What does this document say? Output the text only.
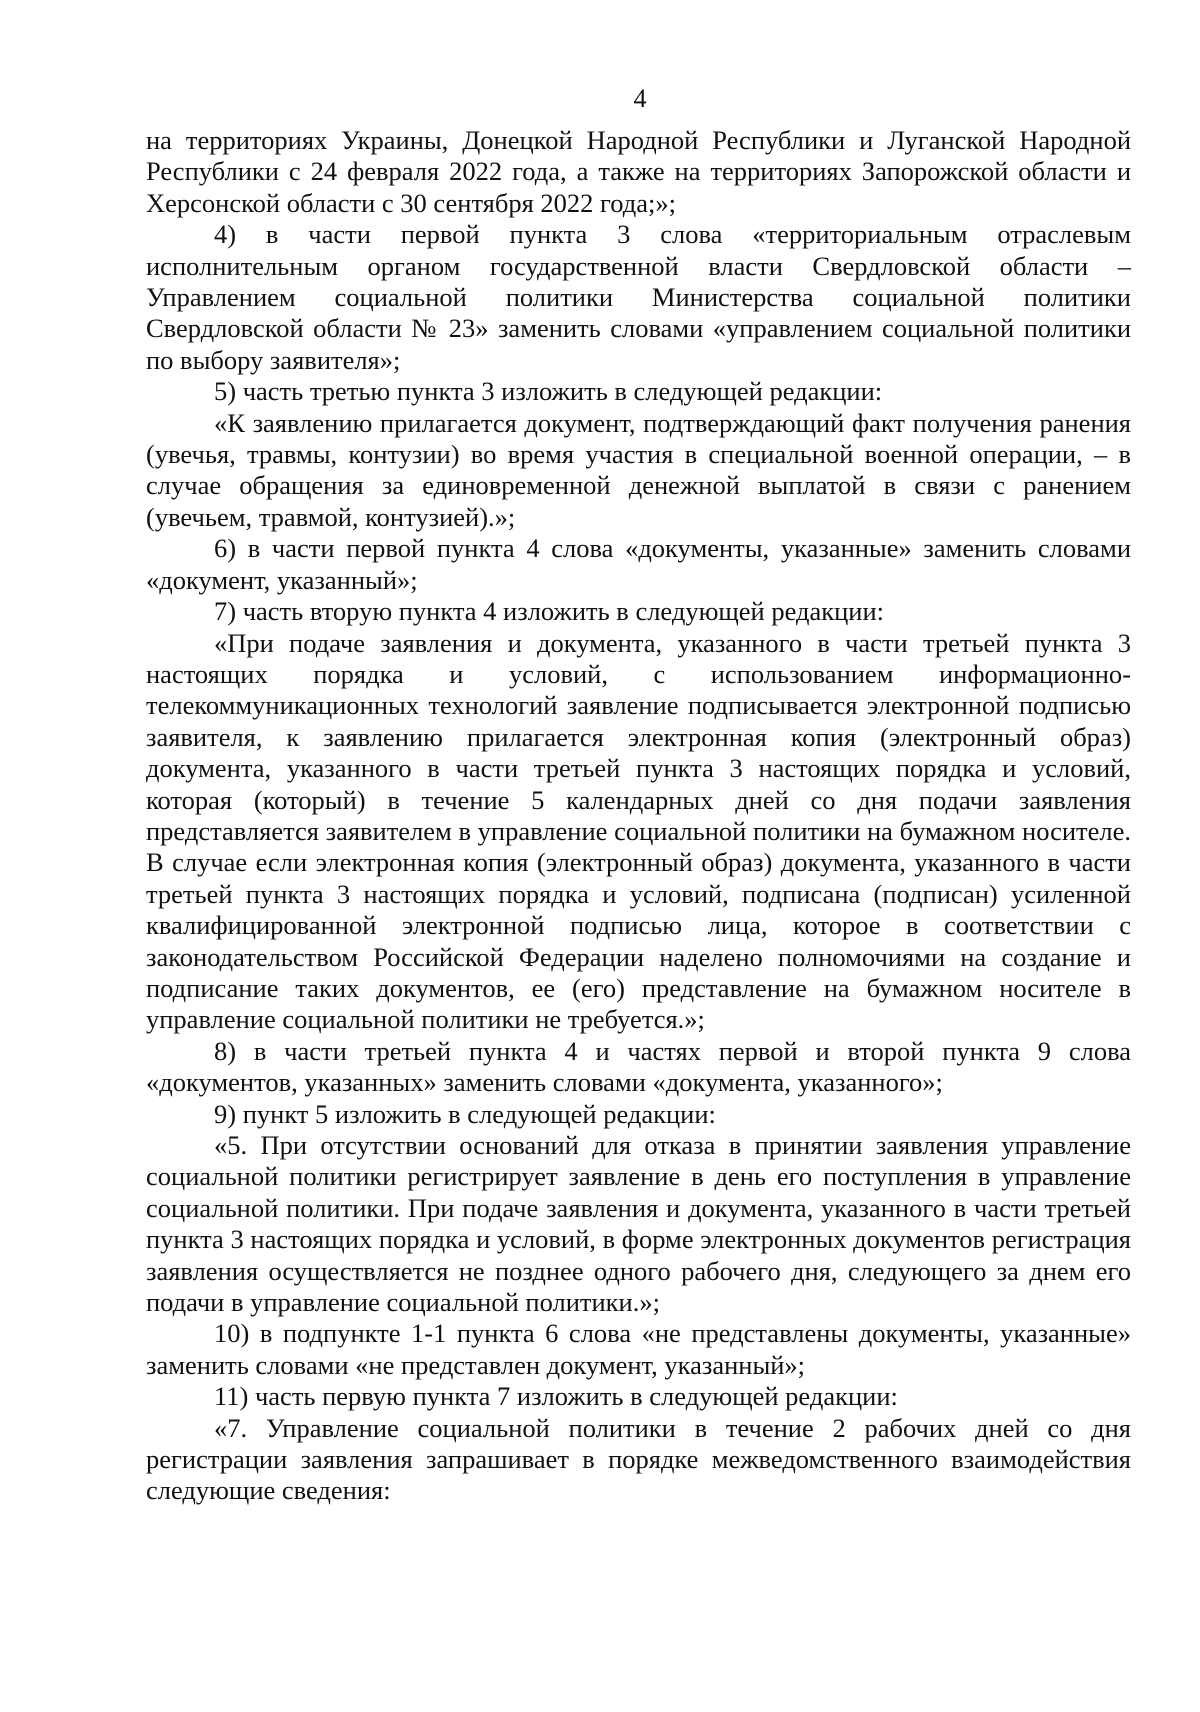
4

на территориях Украины, Донецкой Народной Республики и Луганской Народной Республики с 24 февраля 2022 года, а также на территориях Запорожской области и Херсонской области с 30 сентября 2022 года;»;

4) в части первой пункта 3 слова «территориальным отраслевым исполнительным органом государственной власти Свердловской области – Управлением социальной политики Министерства социальной политики Свердловской области № 23» заменить словами «управлением социальной политики по выбору заявителя»;

5) часть третью пункта 3 изложить в следующей редакции:

«К заявлению прилагается документ, подтверждающий факт получения ранения (увечья, травмы, контузии) во время участия в специальной военной операции, – в случае обращения за единовременной денежной выплатой в связи с ранением (увечьем, травмой, контузией).»;

6) в части первой пункта 4 слова «документы, указанные» заменить словами «документ, указанный»;

7) часть вторую пункта 4 изложить в следующей редакции:

«При подаче заявления и документа, указанного в части третьей пункта 3 настоящих порядка и условий, с использованием информационно-телекоммуникационных технологий заявление подписывается электронной подписью заявителя, к заявлению прилагается электронная копия (электронный образ) документа, указанного в части третьей пункта 3 настоящих порядка и условий, которая (который) в течение 5 календарных дней со дня подачи заявления представляется заявителем в управление социальной политики на бумажном носителе. В случае если электронная копия (электронный образ) документа, указанного в части третьей пункта 3 настоящих порядка и условий, подписана (подписан) усиленной квалифицированной электронной подписью лица, которое в соответствии с законодательством Российской Федерации наделено полномочиями на создание и подписание таких документов, ее (его) представление на бумажном носителе в управление социальной политики не требуется.»;

8) в части третьей пункта 4 и частях первой и второй пункта 9 слова «документов, указанных» заменить словами «документа, указанного»;

9) пункт 5 изложить в следующей редакции:

«5. При отсутствии оснований для отказа в принятии заявления управление социальной политики регистрирует заявление в день его поступления в управление социальной политики. При подаче заявления и документа, указанного в части третьей пункта 3 настоящих порядка и условий, в форме электронных документов регистрация заявления осуществляется не позднее одного рабочего дня, следующего за днем его подачи в управление социальной политики.»;

10) в подпункте 1-1 пункта 6 слова «не представлены документы, указанные» заменить словами «не представлен документ, указанный»;

11) часть первую пункта 7 изложить в следующей редакции:

«7. Управление социальной политики в течение 2 рабочих дней со дня регистрации заявления запрашивает в порядке межведомственного взаимодействия следующие сведения:
